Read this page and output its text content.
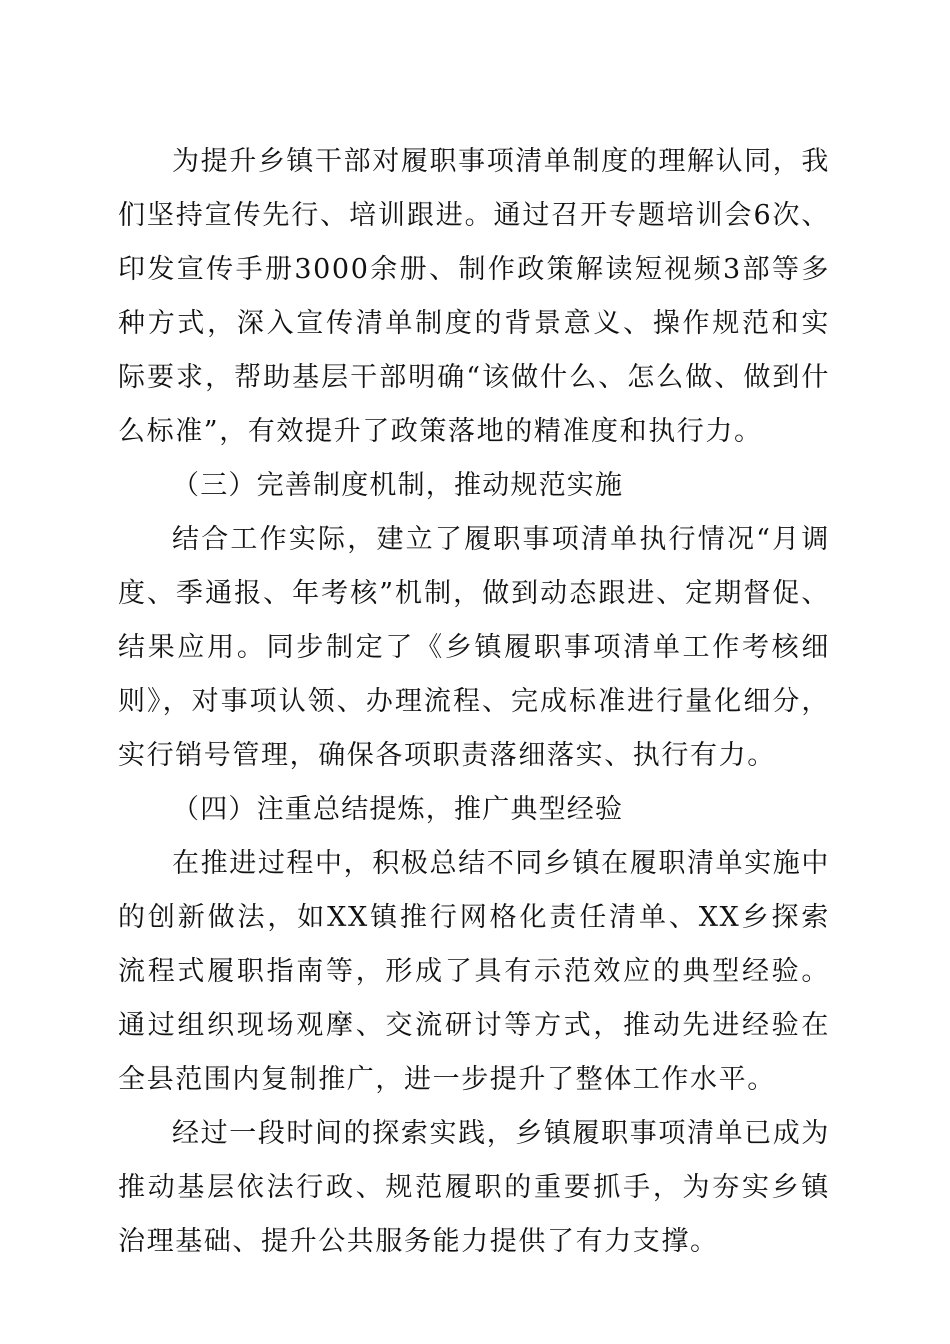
为提升乡镇干部对履职事项清单制度的理解认同，我们坚持宣传先行、培训跟进。通过召开专题培训会6次、印发宣传手册3000余册、制作政策解读短视频3部等多种方式，深入宣传清单制度的背景意义、操作规范和实际要求，帮助基层干部明确“该做什么、怎么做、做到什么标准”，有效提升了政策落地的精准度和执行力。

（三）完善制度机制，推动规范实施

结合工作实际，建立了履职事项清单执行情况“月调度、季通报、年考核”机制，做到动态跟进、定期督促、结果应用。同步制定了《乡镇履职事项清单工作考核细则》，对事项认领、办理流程、完成标准进行量化细分，实行销号管理，确保各项职责落细落实、执行有力。

（四）注重总结提炼，推广典型经验

在推进过程中，积极总结不同乡镇在履职清单实施中的创新做法，如XX镇推行网格化责任清单、XX乡探索流程式履职指南等，形成了具有示范效应的典型经验。通过组织现场观摩、交流研讨等方式，推动先进经验在全县范围内复制推广，进一步提升了整体工作水平。

经过一段时间的探索实践，乡镇履职事项清单已成为推动基层依法行政、规范履职的重要抓手，为夯实乡镇治理基础、提升公共服务能力提供了有力支撑。
